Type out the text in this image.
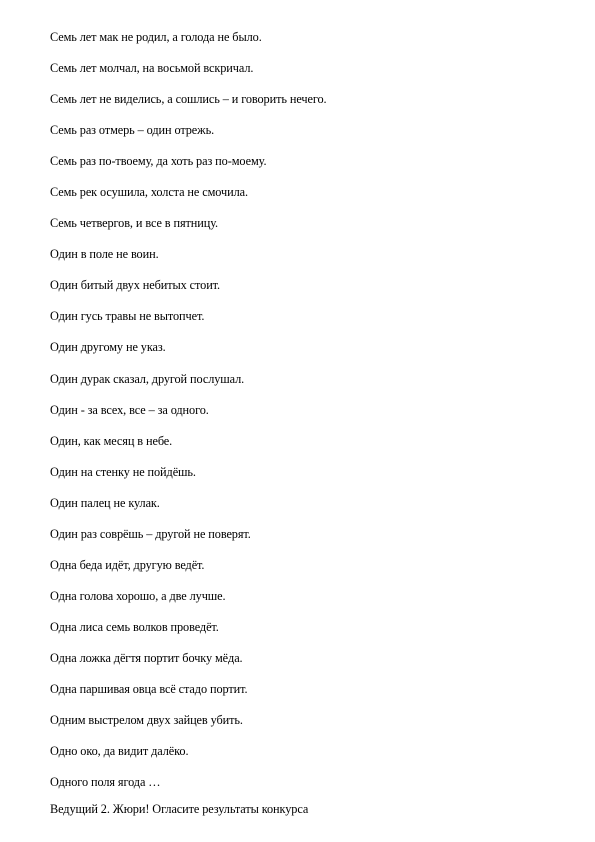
Семь лет мак не родил, а голода не было.
Семь лет молчал, на восьмой вскричал.
Семь лет не виделись, а сошлись – и говорить нечего.
Семь раз отмерь – один отрежь.
Семь раз по-твоему, да хоть раз по-моему.
Семь рек осушила, холста не смочила.
Семь четвергов, и все в пятницу.
Один в поле не воин.
Один битый двух небитых стоит.
Один гусь травы не вытопчет.
Один другому не указ.
Один дурак сказал, другой послушал.
Один - за всех, все – за одного.
Один, как месяц в небе.
Один на стенку не пойдёшь.
Один палец не кулак.
Один раз соврёшь – другой не поверят.
Одна беда идёт, другую ведёт.
Одна голова хорошо, а две лучше.
Одна лиса семь волков проведёт.
Одна ложка дёгтя портит бочку мёда.
Одна паршивая овца всё стадо портит.
Одним выстрелом двух зайцев убить.
Одно око, да видит далёко.
Одного поля ягода …
Ведущий 2. Жюри! Огласите результаты конкурса
